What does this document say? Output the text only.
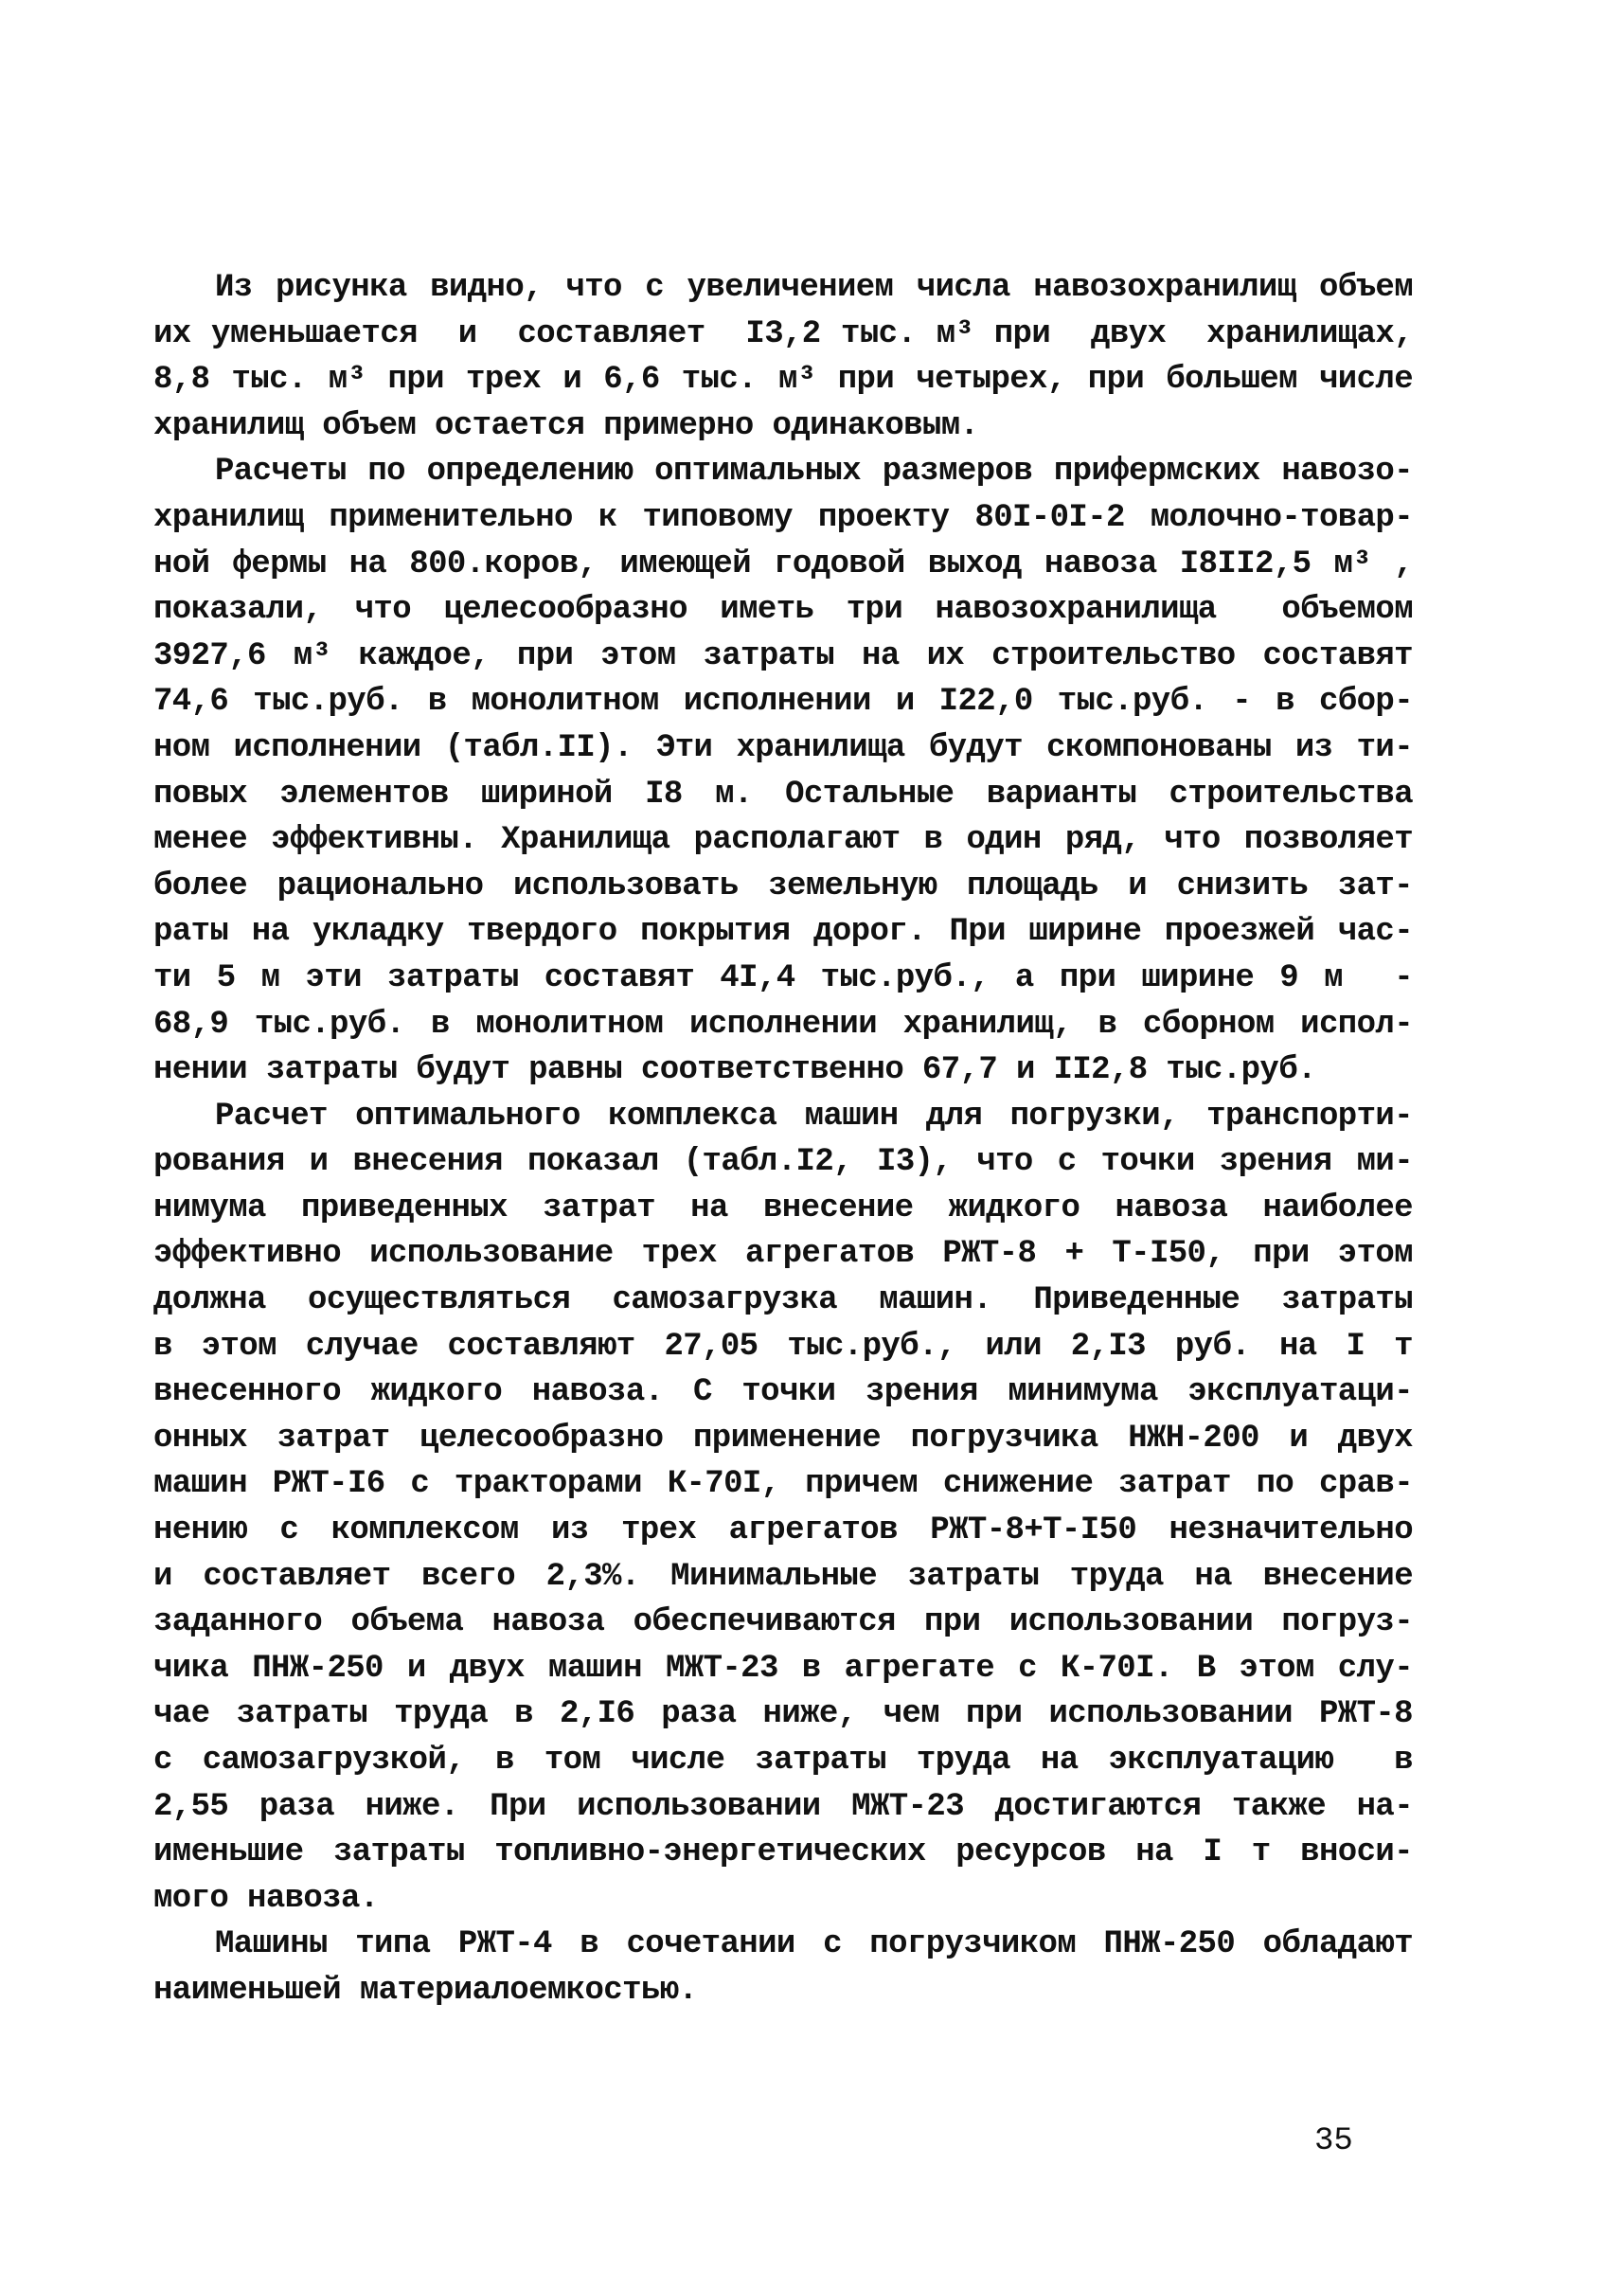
Из рисунка видно, что с увеличением числа навозохранилищ объем
их уменьшается  и  составляет  I3,2 тыс. м³ при  двух  хранилищах,
8,8 тыс. м³ при трех и 6,6 тыс. м³ при четырех, при большем числе
хранилищ объем остается примерно одинаковым.
Расчеты по определению оптимальных размеров прифермских навозо-
хранилищ применительно к типовому проекту 80I-0I-2 молочно-товар-
ной фермы на 800.коров, имеющей годовой выход навоза I8II2,5 м³ ,
показали, что целесообразно иметь три навозохранилища  объемом
3927,6 м³ каждое, при этом затраты на их строительство составят
74,6 тыс.руб. в монолитном исполнении и I22,0 тыс.руб. - в сбор-
ном исполнении (табл.II). Эти хранилища будут скомпонованы из ти-
повых элементов шириной I8 м. Остальные варианты строительства
менее эффективны. Хранилища располагают в один ряд, что позволяет
более рационально использовать земельную площадь и снизить зат-
раты на укладку твердого покрытия дорог. При ширине проезжей час-
ти 5 м эти затраты составят 4I,4 тыс.руб., а при ширине 9 м  -
68,9 тыс.руб. в монолитном исполнении хранилищ, в сборном испол-
нении затраты будут равны соответственно 67,7 и II2,8 тыс.руб.
Расчет оптимального комплекса машин для погрузки, транспорти-
рования и внесения показал (табл.I2, I3), что с точки зрения ми-
нимума приведенных затрат на внесение жидкого навоза наиболее
эффективно использование трех агрегатов РЖТ-8 + Т-I50, при этом
должна осуществляться самозагрузка машин. Приведенные затраты
в этом случае составляют 27,05 тыс.руб., или 2,I3 руб. на I т
внесенного жидкого навоза. С точки зрения минимума эксплуатаци-
онных затрат целесообразно применение погрузчика НЖН-200 и двух
машин РЖТ-I6 с тракторами К-70I, причем снижение затрат по срав-
нению с комплексом из трех агрегатов РЖТ-8+Т-I50 незначительно
и составляет всего 2,3%. Минимальные затраты труда на внесение
заданного объема навоза обеспечиваются при использовании погруз-
чика ПНЖ-250 и двух машин МЖТ-23 в агрегате с К-70I. В этом слу-
чае затраты труда в 2,I6 раза ниже, чем при использовании РЖТ-8
с самозагрузкой, в том числе затраты труда на эксплуатацию  в
2,55 раза ниже. При использовании МЖТ-23 достигаются также на-
именьшие затраты топливно-энергетических ресурсов на I т вноси-
мого навоза.
Машины типа РЖТ-4 в сочетании с погрузчиком ПНЖ-250 обладают
наименьшей материалоемкостью.
35
